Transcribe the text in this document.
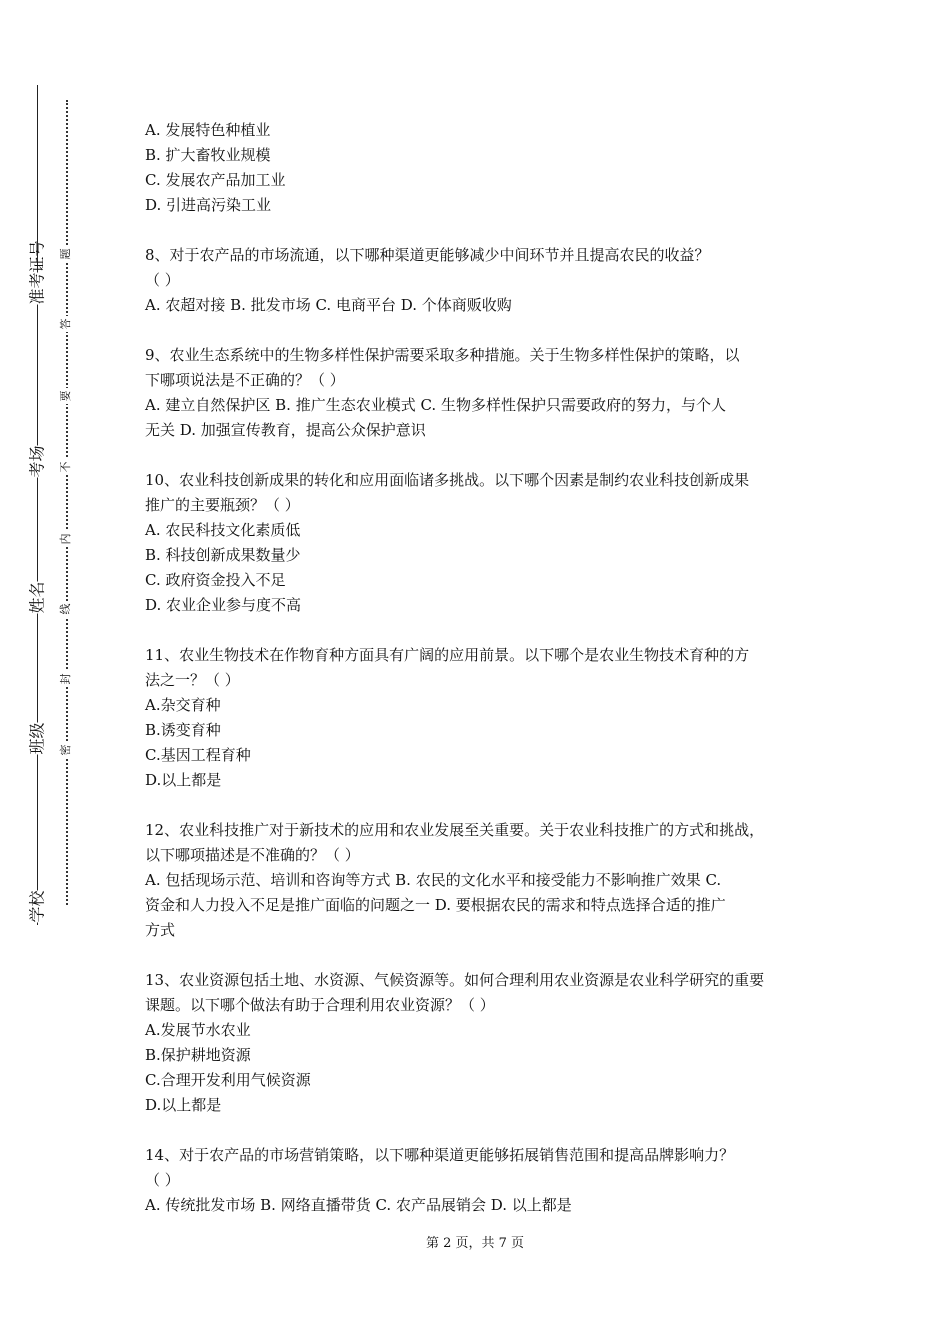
学校
班级
姓名
考场
准考证号
密
封
线
内
不
要
答
题
A. 发展特色种植业
B. 扩大畜牧业规模
C. 发展农产品加工业
D. 引进高污染工业
8、对于农产品的市场流通，以下哪种渠道更能够减少中间环节并且提高农民的收益？
（ ）
A. 农超对接 B. 批发市场 C. 电商平台 D. 个体商贩收购
9、农业生态系统中的生物多样性保护需要采取多种措施。关于生物多样性保护的策略，以
下哪项说法是不正确的？（ ）
A. 建立自然保护区 B. 推广生态农业模式 C. 生物多样性保护只需要政府的努力，与个人
无关 D. 加强宣传教育，提高公众保护意识
10、农业科技创新成果的转化和应用面临诸多挑战。以下哪个因素是制约农业科技创新成果
推广的主要瓶颈？（ ）
A. 农民科技文化素质低
B. 科技创新成果数量少
C. 政府资金投入不足
D. 农业企业参与度不高
11、农业生物技术在作物育种方面具有广阔的应用前景。以下哪个是农业生物技术育种的方
法之一？（ ）
A.杂交育种
B.诱变育种
C.基因工程育种
D.以上都是
12、农业科技推广对于新技术的应用和农业发展至关重要。关于农业科技推广的方式和挑战，
以下哪项描述是不准确的？（ ）
A. 包括现场示范、培训和咨询等方式 B. 农民的文化水平和接受能力不影响推广效果 C.
资金和人力投入不足是推广面临的问题之一 D. 要根据农民的需求和特点选择合适的推广
方式
13、农业资源包括土地、水资源、气候资源等。如何合理利用农业资源是农业科学研究的重要
课题。以下哪个做法有助于合理利用农业资源？（ ）
A.发展节水农业
B.保护耕地资源
C.合理开发利用气候资源
D.以上都是
14、对于农产品的市场营销策略，以下哪种渠道更能够拓展销售范围和提高品牌影响力？
（ ）
A. 传统批发市场 B. 网络直播带货 C. 农产品展销会 D. 以上都是
第 2 页，共 7 页
